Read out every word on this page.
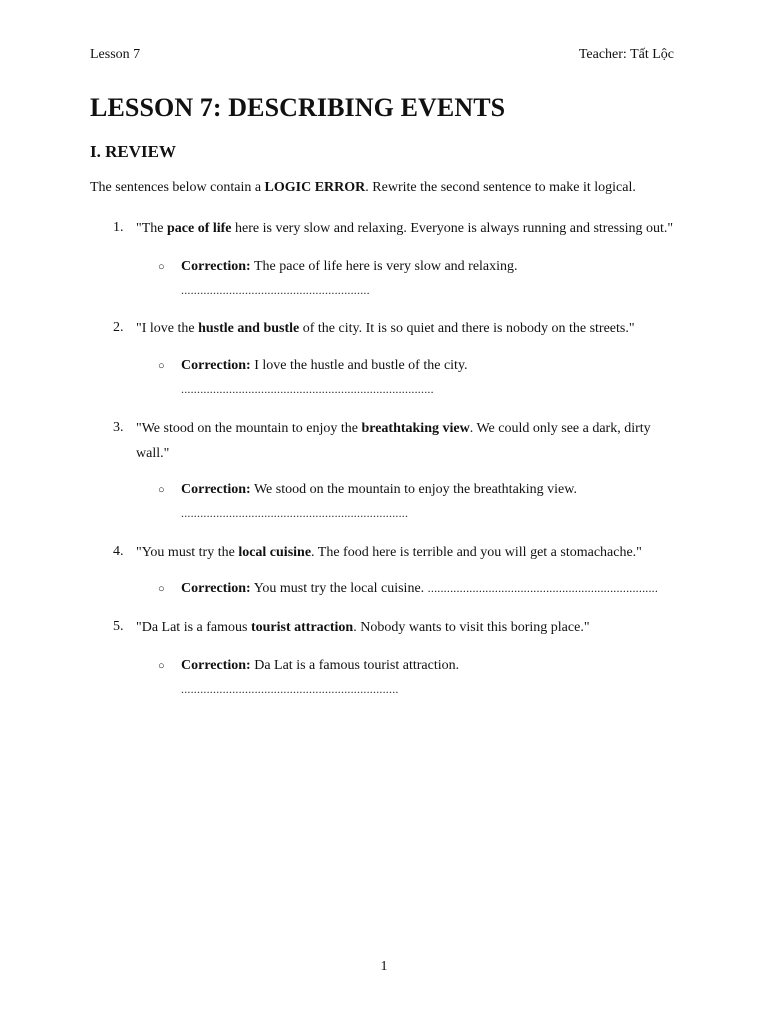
Lesson 7	Teacher: Tất Lộc
LESSON 7: DESCRIBING EVENTS
I. REVIEW

The sentences below contain a LOGIC ERROR. Rewrite the second sentence to make it logical.

1. "The pace of life here is very slow and relaxing. Everyone is always running and stressing out."
○ Correction: The pace of life here is very slow and relaxing.
...........................................................
2. "I love the hustle and bustle of the city. It is so quiet and there is nobody on the streets."
○ Correction: I love the hustle and bustle of the city.
...............................................................................
3. "We stood on the mountain to enjoy the breathtaking view. We could only see a dark, dirty wall."
○ Correction: We stood on the mountain to enjoy the breathtaking view.
.......................................................................
4. "You must try the local cuisine. The food here is terrible and you will get a stomachache."
○ Correction: You must try the local cuisine. ........................................................................
5. "Da Lat is a famous tourist attraction. Nobody wants to visit this boring place."
○ Correction: Da Lat is a famous tourist attraction.
....................................................................
1
